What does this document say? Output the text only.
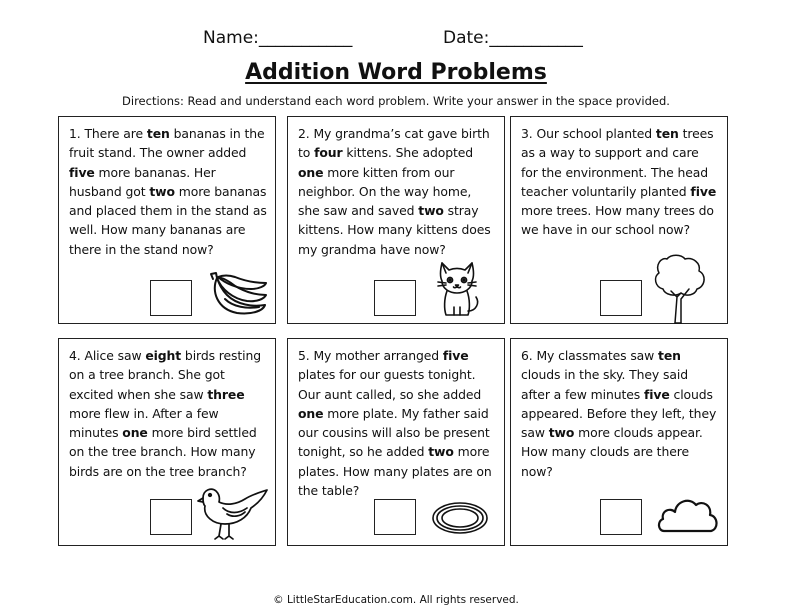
Name:___________	Date:___________
Addition Word Problems
Directions: Read and understand each word problem. Write your answer in the space provided.
1. There are ten bananas in the fruit stand. The owner added five more bananas. Her husband got two more bananas and placed them in the stand as well. How many bananas are there in the stand now?
2. My grandma’s cat gave birth to four kittens. She adopted one more kitten from our neighbor. On the way home, she saw and saved two stray kittens. How many kittens does my grandma have now?
3. Our school planted ten trees as a way to support and care for the environment. The head teacher voluntarily planted five more trees. How many trees do we have in our school now?
4. Alice saw eight birds resting on a tree branch. She got excited when she saw three more flew in. After a few minutes one more bird settled on the tree branch. How many birds are on the tree branch?
5. My mother arranged five plates for our guests tonight. Our aunt called, so she added one more plate. My father said our cousins will also be present tonight, so he added two more plates. How many plates are on the table?
6. My classmates saw ten clouds in the sky. They said after a few minutes five clouds appeared. Before they left, they saw two more clouds appear. How many clouds are there now?
© LittleStarEducation.com. All rights reserved.
